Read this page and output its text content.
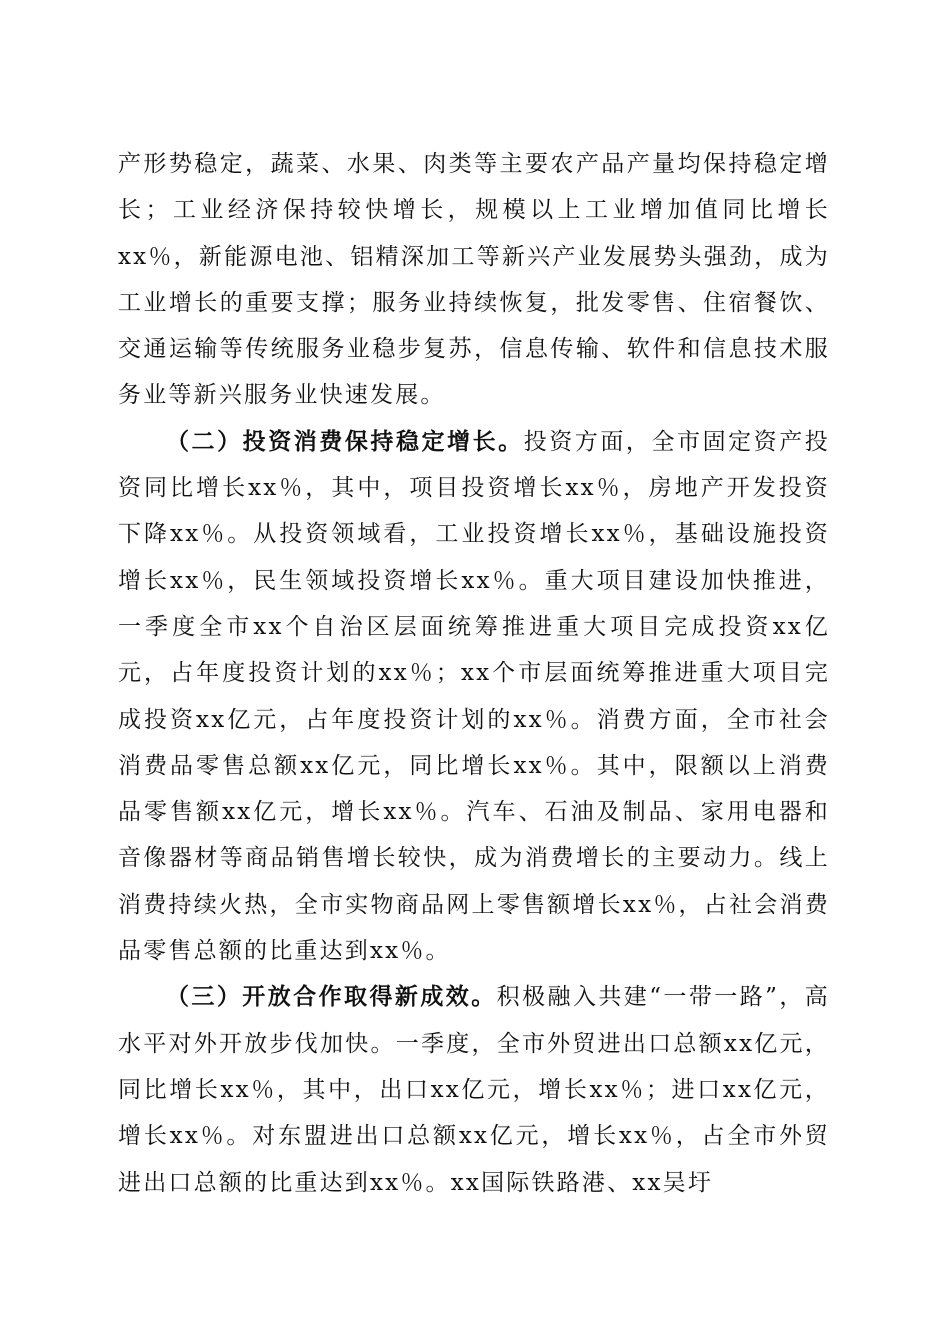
产形势稳定，蔬菜、水果、肉类等主要农产品产量均保持稳定增长；工业经济保持较快增长，规模以上工业增加值同比增长xx％，新能源电池、铝精深加工等新兴产业发展势头强劲，成为工业增长的重要支撑；服务业持续恢复，批发零售、住宿餐饮、交通运输等传统服务业稳步复苏，信息传输、软件和信息技术服务业等新兴服务业快速发展。

（二）投资消费保持稳定增长。投资方面，全市固定资产投资同比增长xx％，其中，项目投资增长xx％，房地产开发投资下降xx％。从投资领域看，工业投资增长xx％，基础设施投资增长xx％，民生领域投资增长xx％。重大项目建设加快推进，一季度全市xx个自治区层面统筹推进重大项目完成投资xx亿元，占年度投资计划的xx％；xx个市层面统筹推进重大项目完成投资xx亿元，占年度投资计划的xx％。消费方面，全市社会消费品零售总额xx亿元，同比增长xx％。其中，限额以上消费品零售额xx亿元，增长xx％。汽车、石油及制品、家用电器和音像器材等商品销售增长较快，成为消费增长的主要动力。线上消费持续火热，全市实物商品网上零售额增长xx％，占社会消费品零售总额的比重达到xx％。

（三）开放合作取得新成效。积极融入共建“一带一路”，高水平对外开放步伐加快。一季度，全市外贸进出口总额xx亿元，同比增长xx％，其中，出口xx亿元，增长xx％；进口xx亿元，增长xx％。对东盟进出口总额xx亿元，增长xx％，占全市外贸进出口总额的比重达到xx％。xx国际铁路港、xx吴圩
